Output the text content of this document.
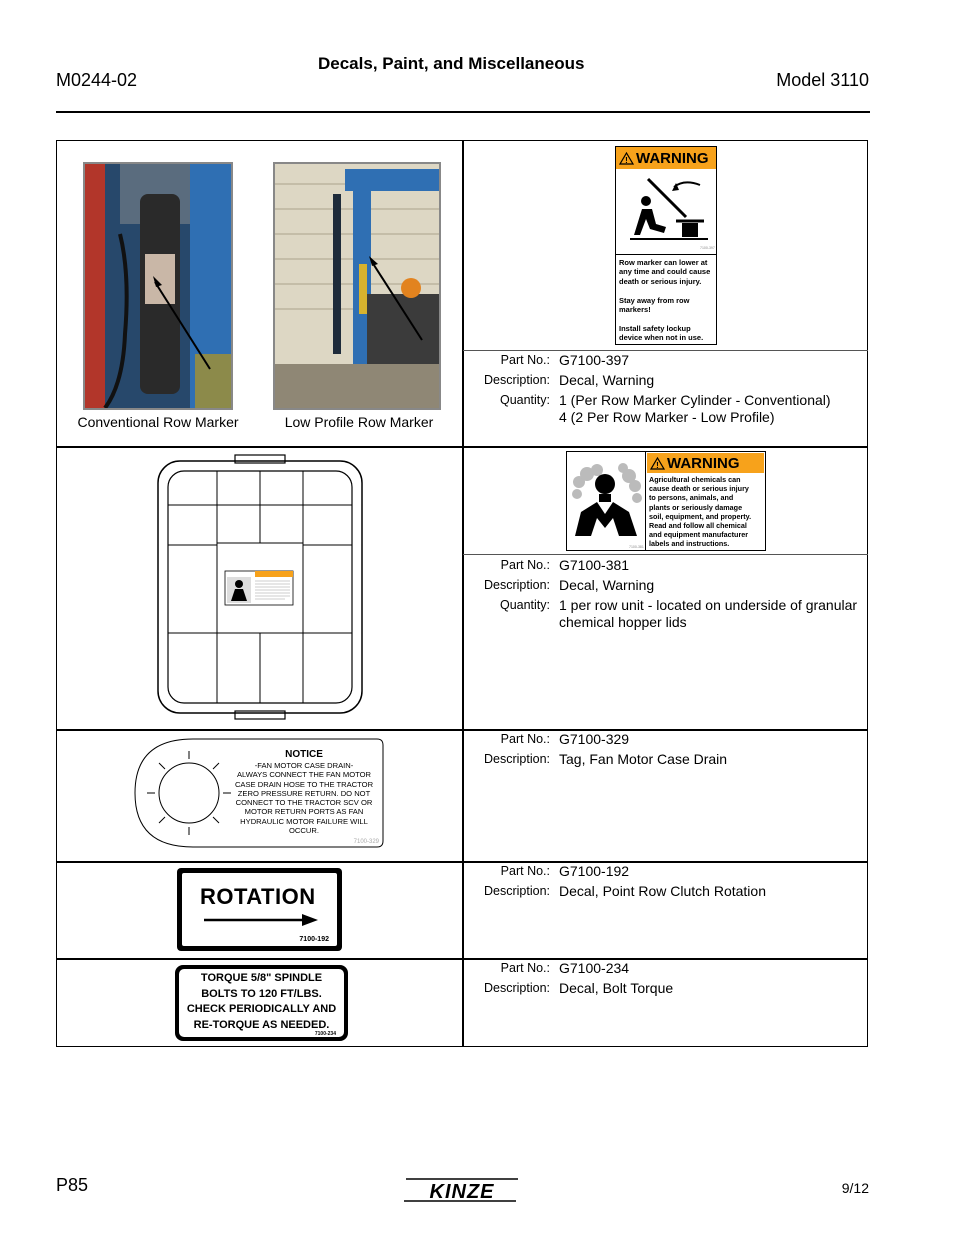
Decals, Paint, and Miscellaneous
M0244-02	Model 3110
Conventional Row Marker	Low Profile Row Marker
! WARNING
7100-397
Row marker can lower at
any time and could cause
death or serious injury.
Stay away from row
markers!
Install safety lockup
device when not in use.
Part No.: G7100-397
Description: Decal, Warning
Quantity: 1 (Per Row Marker Cylinder - Conventional)
4 (2 Per Row Marker - Low Profile)
7100-381
! WARNING
Agricultural chemicals can
cause death or serious injury
to persons, animals, and
plants or seriously damage
soil, equipment, and property.
Read and follow all chemical
and equipment manufacturer
labels and instructions.
Part No.: G7100-381
Description: Decal, Warning
Quantity: 1 per row unit - located on underside of granular
chemical hopper lids
NOTICE
-FAN MOTOR CASE DRAIN-
ALWAYS CONNECT THE FAN MOTOR
CASE DRAIN HOSE TO THE TRACTOR
ZERO PRESSURE RETURN. DO NOT
CONNECT TO THE TRACTOR SCV OR
MOTOR RETURN PORTS AS FAN
HYDRAULIC MOTOR FAILURE WILL
OCCUR.
7100-329
Part No.: G7100-329
Description: Tag, Fan Motor Case Drain
ROTATION
7100-192
Part No.: G7100-192
Description: Decal, Point Row Clutch Rotation
TORQUE 5/8" SPINDLE
BOLTS TO 120 FT/LBS.
CHECK PERIODICALLY AND
RE-TORQUE AS NEEDED.
7100-234
Part No.: G7100-234
Description: Decal, Bolt Torque
P85	KINZE	9/12
